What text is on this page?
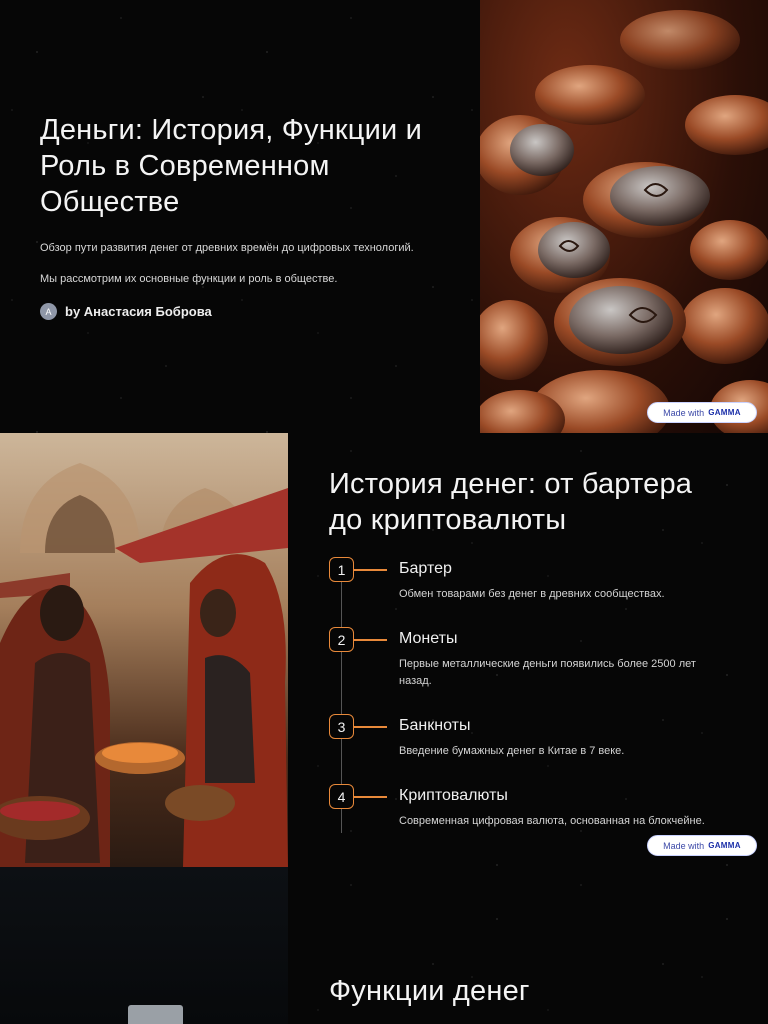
Деньги: История, Функции и Роль в Современном Обществе

Обзор пути развития денег от древних времён до цифровых технологий.

Мы рассмотрим их основные функции и роль в обществе.

A	by Анастасия Боброва
Made with GAMMA
История денег: от бартера до криптовалюты
1	Бартер
Обмен товарами без денег в древних сообществах.
2	Монеты
Первые металлические деньги появились более 2500 лет назад.
3	Банкноты
Введение бумажных денег в Китае в 7 веке.
4	Криптовалюты
Современная цифровая валюта, основанная на блокчейне.
Made with GAMMA
Функции денег
